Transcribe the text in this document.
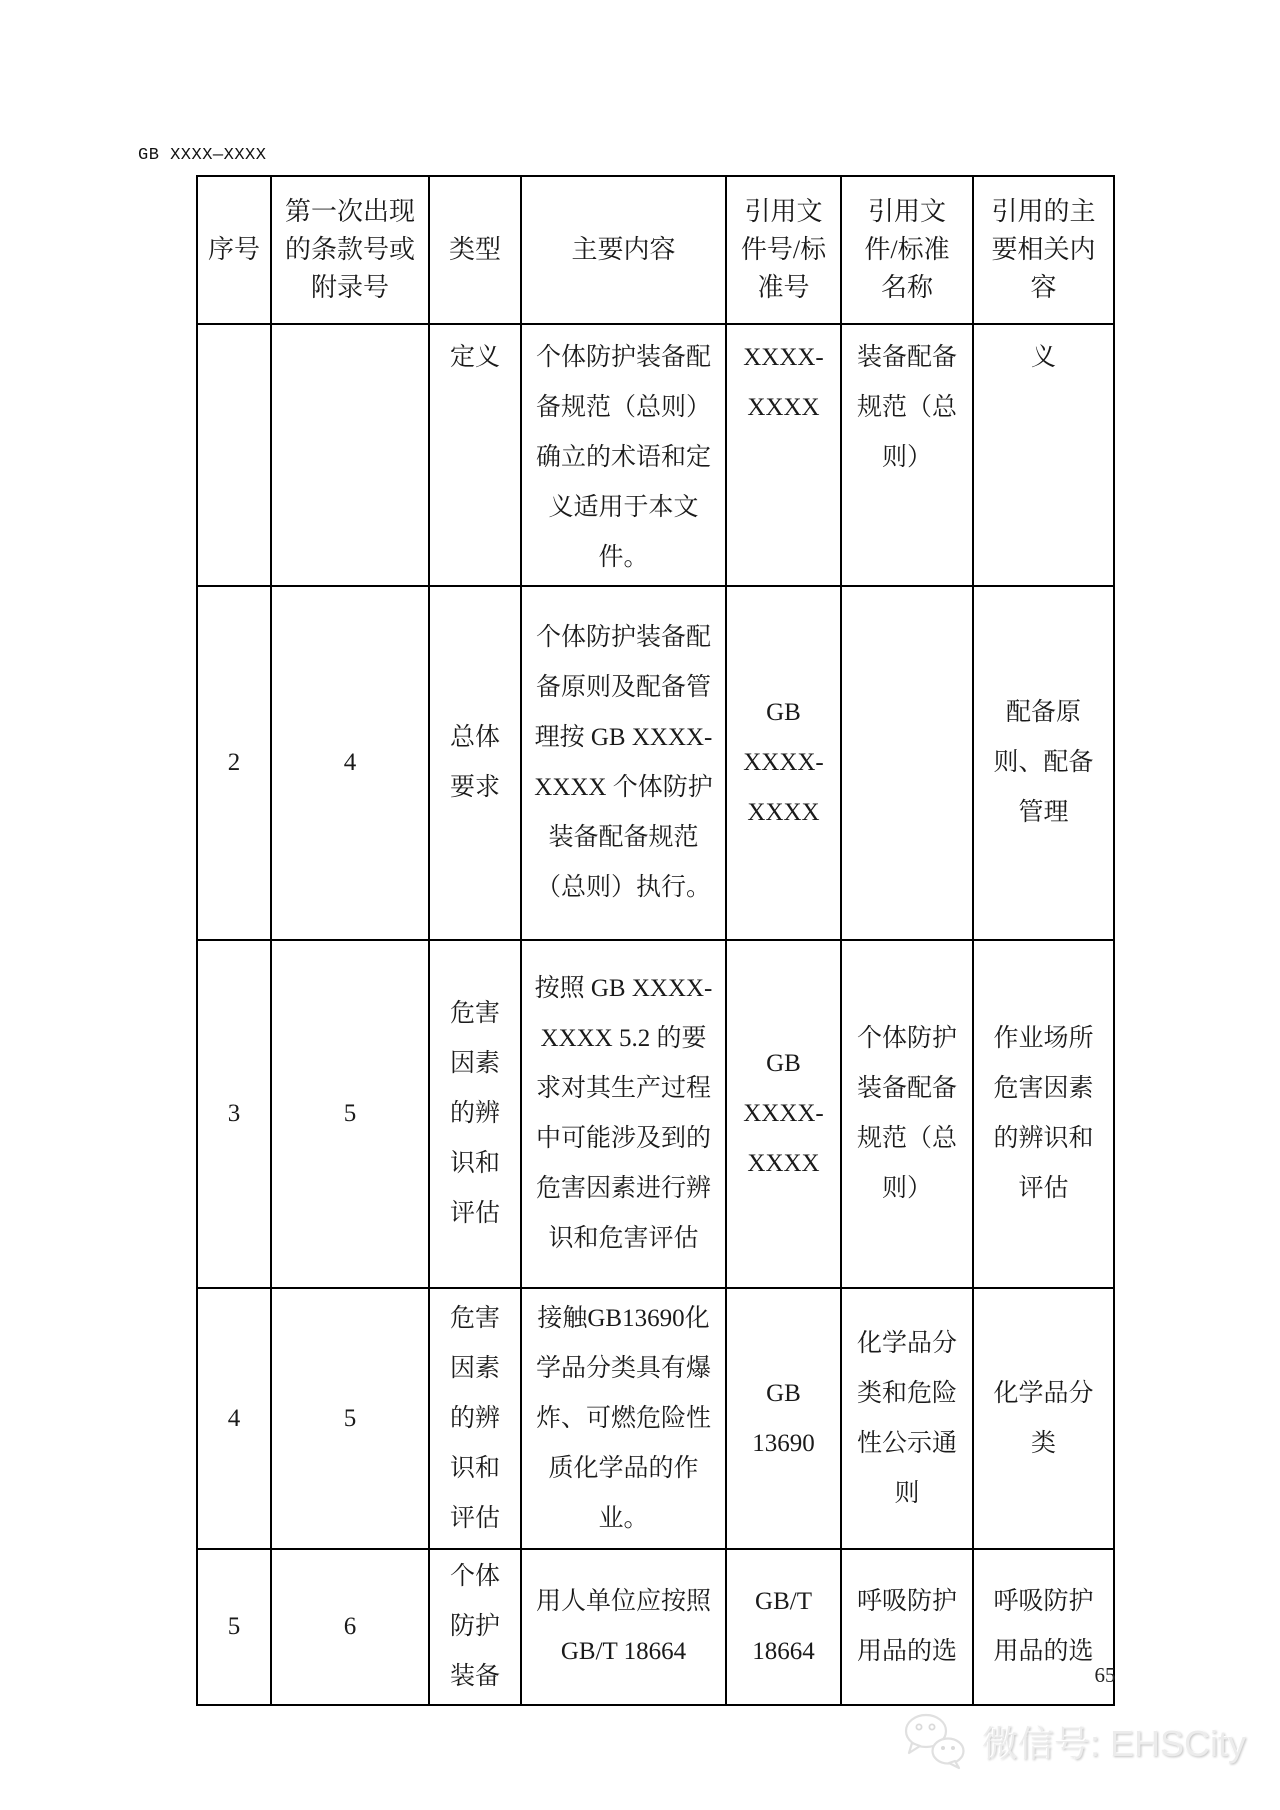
GB XXXX—XXXX
序号	第一次出现的条款号或附录号	类型	主要内容	引用文件号/标准号	引用文件/标准名称	引用的主要相关内容
		定义	个体防护装备配备规范（总则）确立的术语和定义适用于本文件。	XXXX-XXXX	装备配备规范（总则）	义
2	4	总体要求	个体防护装备配备原则及配备管理按 GB XXXX-XXXX 个体防护装备配备规范（总则）执行。	GB XXXX-XXXX		配备原则、配备管理
3	5	危害因素的辨识和评估	按照 GB XXXX-XXXX 5.2 的要求对其生产过程中可能涉及到的危害因素进行辨识和危害评估	GB XXXX-XXXX	个体防护装备配备规范（总则）	作业场所危害因素的辨识和评估
4	5	危害因素的辨识和评估	接触GB13690化学品分类具有爆炸、可燃危险性质化学品的作业。	GB 13690	化学品分类和危险性公示通则	化学品分类
5	6	个体防护装备	用人单位应按照 GB/T 18664	GB/T 18664	呼吸防护用品的选	呼吸防护用品的选
65
微信号: EHSCity
